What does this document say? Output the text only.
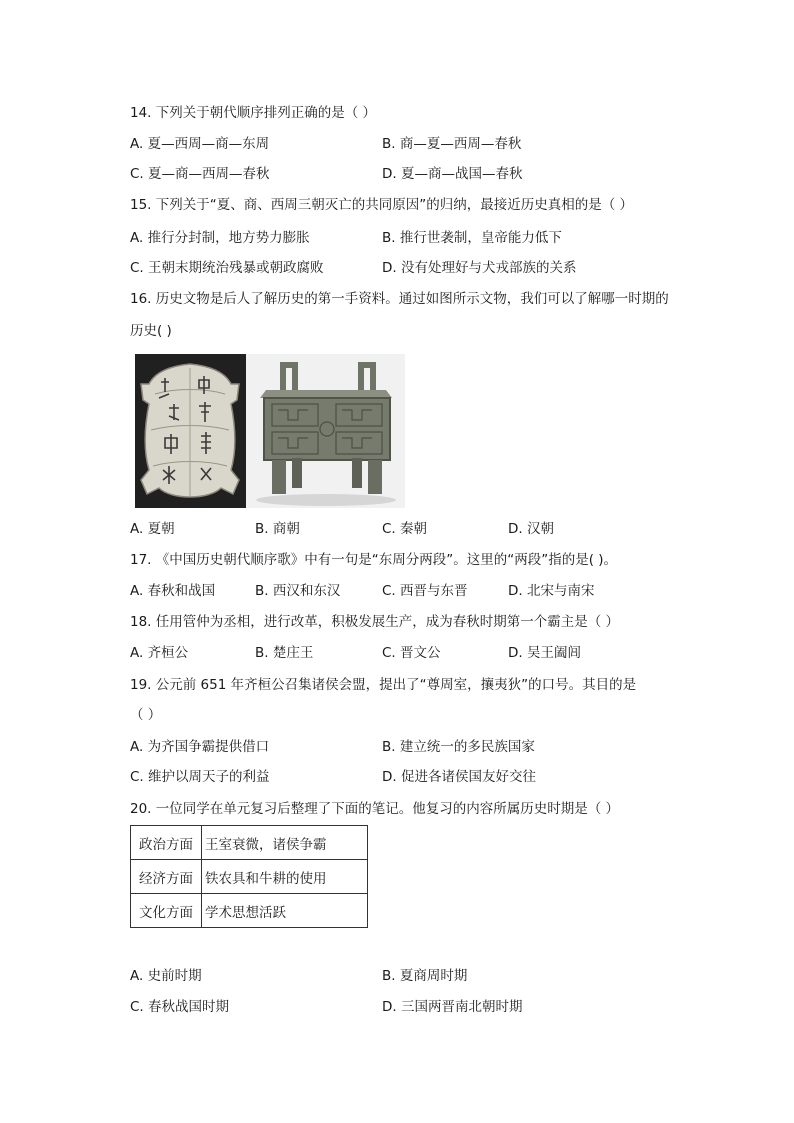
14. 下列关于朝代顺序排列正确的是（ ）
A. 夏—西周—商—东周	B. 商—夏—西周—春秋
C. 夏—商—西周—春秋	D. 夏—商—战国—春秋
15. 下列关于“夏、商、西周三朝灭亡的共同原因”的归纳，最接近历史真相的是（ ）
A. 推行分封制，地方势力膨胀	B. 推行世袭制，皇帝能力低下
C. 王朝末期统治残暴或朝政腐败	D. 没有处理好与犬戎部族的关系
16. 历史文物是后人了解历史的第一手资料。通过如图所示文物，我们可以了解哪一时期的
历史( )
A. 夏朝	B. 商朝	C. 秦朝	D. 汉朝
17. 《中国历史朝代顺序歌》中有一句是“东周分两段”。这里的“两段”指的是( )。
A. 春秋和战国	B. 西汉和东汉	C. 西晋与东晋	D. 北宋与南宋
18. 任用管仲为丞相，进行改革，积极发展生产，成为春秋时期第一个霸主是（ ）
A. 齐桓公	B. 楚庄王	C. 晋文公	D. 吴王阖闾
19. 公元前 651 年齐桓公召集诸侯会盟，提出了“尊周室，攘夷狄”的口号。其目的是
（ ）
A. 为齐国争霸提供借口	B. 建立统一的多民族国家
C. 维护以周天子的利益	D. 促进各诸侯国友好交往
20. 一位同学在单元复习后整理了下面的笔记。他复习的内容所属历史时期是（ ）
政治方面	王室衰微，诸侯争霸
经济方面	铁农具和牛耕的使用
文化方面	学术思想活跃
A. 史前时期	B. 夏商周时期
C. 春秋战国时期	D. 三国两晋南北朝时期
